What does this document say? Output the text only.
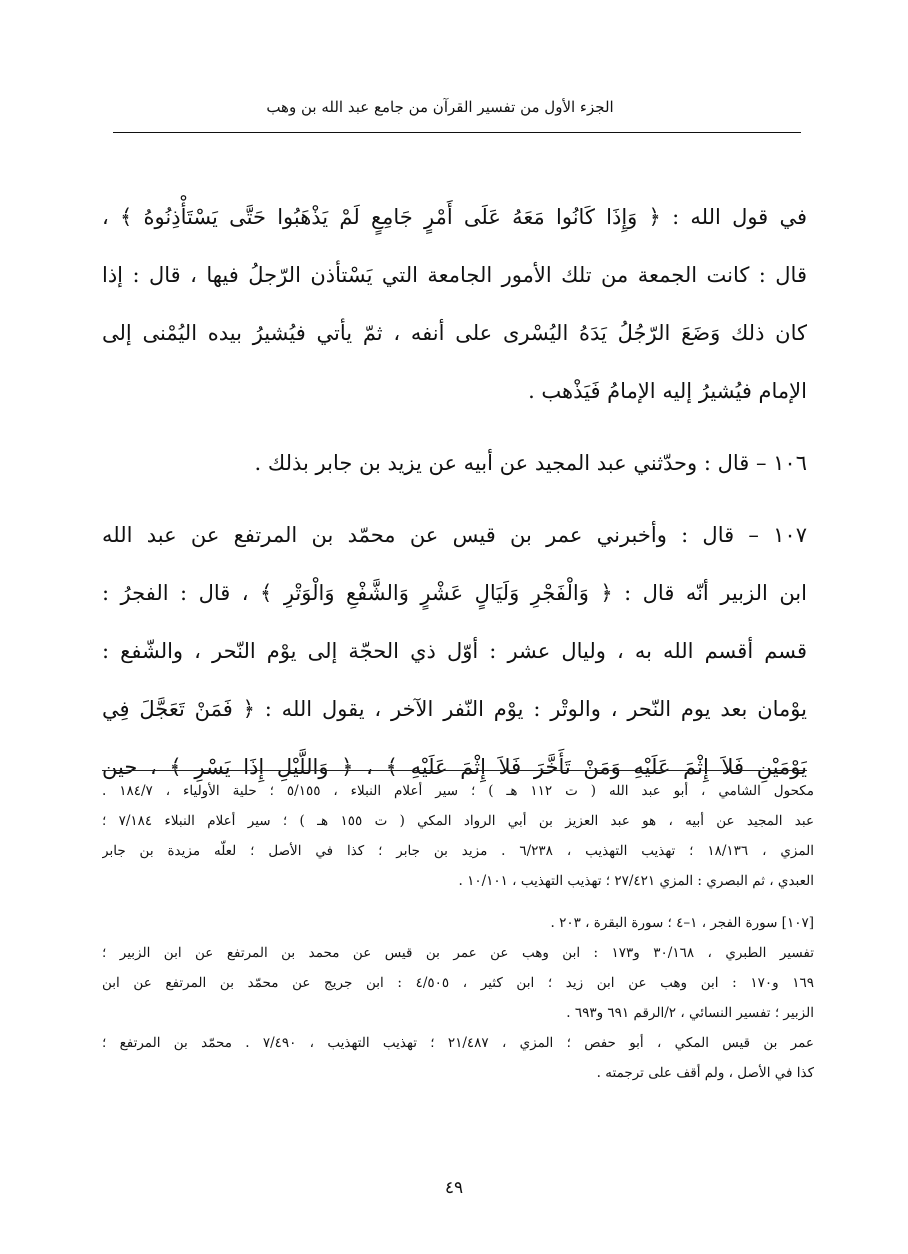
الجزء الأول من تفسير القرآن من جامع عبد الله بن وهب
في قول الله : ﴿ وَإِذَا كَانُوا مَعَهُ عَلَى أَمْرٍ جَامِعٍ لَمْ يَذْهَبُوا حَتَّى يَسْتَأْذِنُوهُ ﴾ ،
قال : كانت الجمعة من تلك الأمور الجامعة التي يَسْتأذن الرّجلُ فيها ، قال : إذا
كان ذلك وَضَعَ الرّجُلُ يَدَهُ اليُسْرى على أنفه ، ثمّ يأتي فيُشيرُ بيده اليُمْنى إلى
الإمام فيُشيرُ إليه الإمامُ فَيَذْهب .
١٠٦ – قال : وحدّثني عبد المجيد عن أبيه عن يزيد بن جابر بذلك .
١٠٧ – قال : وأخبرني عمر بن قيس عن محمّد بن المرتفع عن عبد الله
ابن الزبير أنّه قال : ﴿ وَالْفَجْرِ وَلَيَالٍ عَشْرٍ وَالشَّفْعِ وَالْوَتْرِ ﴾ ، قال : الفجرُ :
قسم أقسم الله به ، وليال عشر : أوّل ذي الحجّة إلى يوْم النّحر ، والشّفع :
يوْمان بعد يوم النّحر ، والوتْر : يوْم النّفر الآخر ، يقول الله : ﴿ فَمَنْ تَعَجَّلَ فِي
يَوْمَيْنِ فَلاَ إِثْمَ عَلَيْهِ وَمَنْ تَأَخَّرَ فَلاَ إِثْمَ عَلَيْهِ ﴾ ، ﴿ وَاللَّيْلِ إِذَا يَسْرِ ﴾ ، حين
مكحول الشامي ، أبو عبد الله ( ت ١١٢ هـ ) ؛ سير أعلام النبلاء ، ٥/١٥٥ ؛ حلية الأولياء ، ١٨٤/٧ .
عبد المجيد عن أبيه ، هو عبد العزيز بن أبي الرواد المكي ( ت ١٥٥ هـ ) ؛ سير أعلام النبلاء ٧/١٨٤ ؛
المزي ، ١٨/١٣٦ ؛ تهذيب التهذيب ، ٦/٢٣٨ . مزيد بن جابر ؛ كذا في الأصل ؛ لعلّه مزيدة بن جابر
العبدي ، ثم البصري : المزي ٢٧/٤٢١ ؛ تهذيب التهذيب ، ١٠/١٠١ .
[١٠٧] سورة الفجر ، ١–٤ ؛ سورة البقرة ، ٢٠٣ .
تفسير الطبري ، ٣٠/١٦٨ و١٧٣ : ابن وهب عن عمر بن قيس عن محمد بن المرتفع عن ابن الزبير ؛
١٦٩ و١٧٠ : ابن وهب عن ابن زيد ؛ ابن كثير ، ٤/٥٠٥ : ابن جريج عن محمّد بن المرتفع عن ابن
الزبير ؛ تفسير النسائي ، ٢/الرقم ٦٩١ و٦٩٣ .
عمر بن قيس المكي ، أبو حفص ؛ المزي ، ٢١/٤٨٧ ؛ تهذيب التهذيب ، ٧/٤٩٠ . محمّد بن المرتفع ؛
كذا في الأصل ، ولم أقف على ترجمته .
٤٩
